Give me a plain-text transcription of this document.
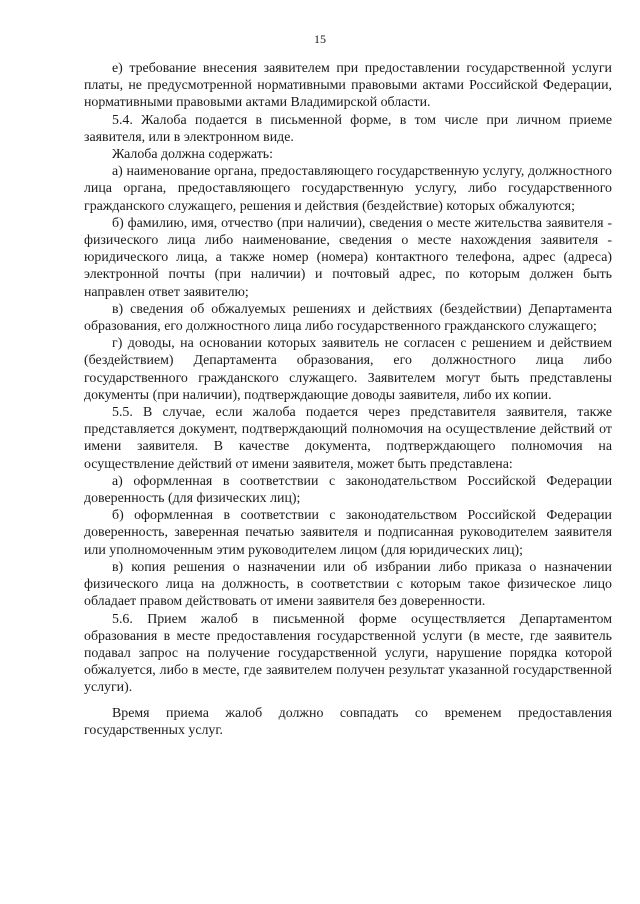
15

е) требование внесения заявителем при предоставлении государственной услуги платы, не предусмотренной нормативными правовыми актами Российской Федерации, нормативными правовыми актами Владимирской области.

5.4. Жалоба подается в письменной форме, в том числе при личном приеме заявителя, или в электронном виде.

Жалоба должна содержать:

а) наименование органа, предоставляющего государственную услугу, должностного лица органа, предоставляющего государственную услугу, либо государственного гражданского служащего, решения и действия (бездействие) которых обжалуются;

б) фамилию, имя, отчество (при наличии), сведения о месте жительства заявителя - физического лица либо наименование, сведения о месте нахождения заявителя - юридического лица, а также номер (номера) контактного телефона, адрес (адреса) электронной почты (при наличии) и почтовый адрес, по которым должен быть направлен ответ заявителю;

в) сведения об обжалуемых решениях и действиях (бездействии) Департамента образования, его должностного лица либо государственного гражданского служащего;

г) доводы, на основании которых заявитель не согласен с решением и действием (бездействием) Департамента образования, его должностного лица либо государственного гражданского служащего. Заявителем могут быть представлены документы (при наличии), подтверждающие доводы заявителя, либо их копии.

5.5. В случае, если жалоба подается через представителя заявителя, также представляется документ, подтверждающий полномочия на осуществление действий от имени заявителя. В качестве документа, подтверждающего полномочия на осуществление действий от имени заявителя, может быть представлена:

а) оформленная в соответствии с законодательством Российской Федерации доверенность (для физических лиц);

б) оформленная в соответствии с законодательством Российской Федерации доверенность, заверенная печатью заявителя и подписанная руководителем заявителя или уполномоченным этим руководителем лицом (для юридических лиц);

в) копия решения о назначении или об избрании либо приказа о назначении физического лица на должность, в соответствии с которым такое физическое лицо обладает правом действовать от имени заявителя без доверенности.

5.6. Прием жалоб в письменной форме осуществляется Департаментом образования в месте предоставления государственной услуги (в месте, где заявитель подавал запрос на получение государственной услуги, нарушение порядка которой обжалуется, либо в месте, где заявителем получен результат указанной государственной услуги).

Время приема жалоб должно совпадать со временем предоставления государственных услуг.
